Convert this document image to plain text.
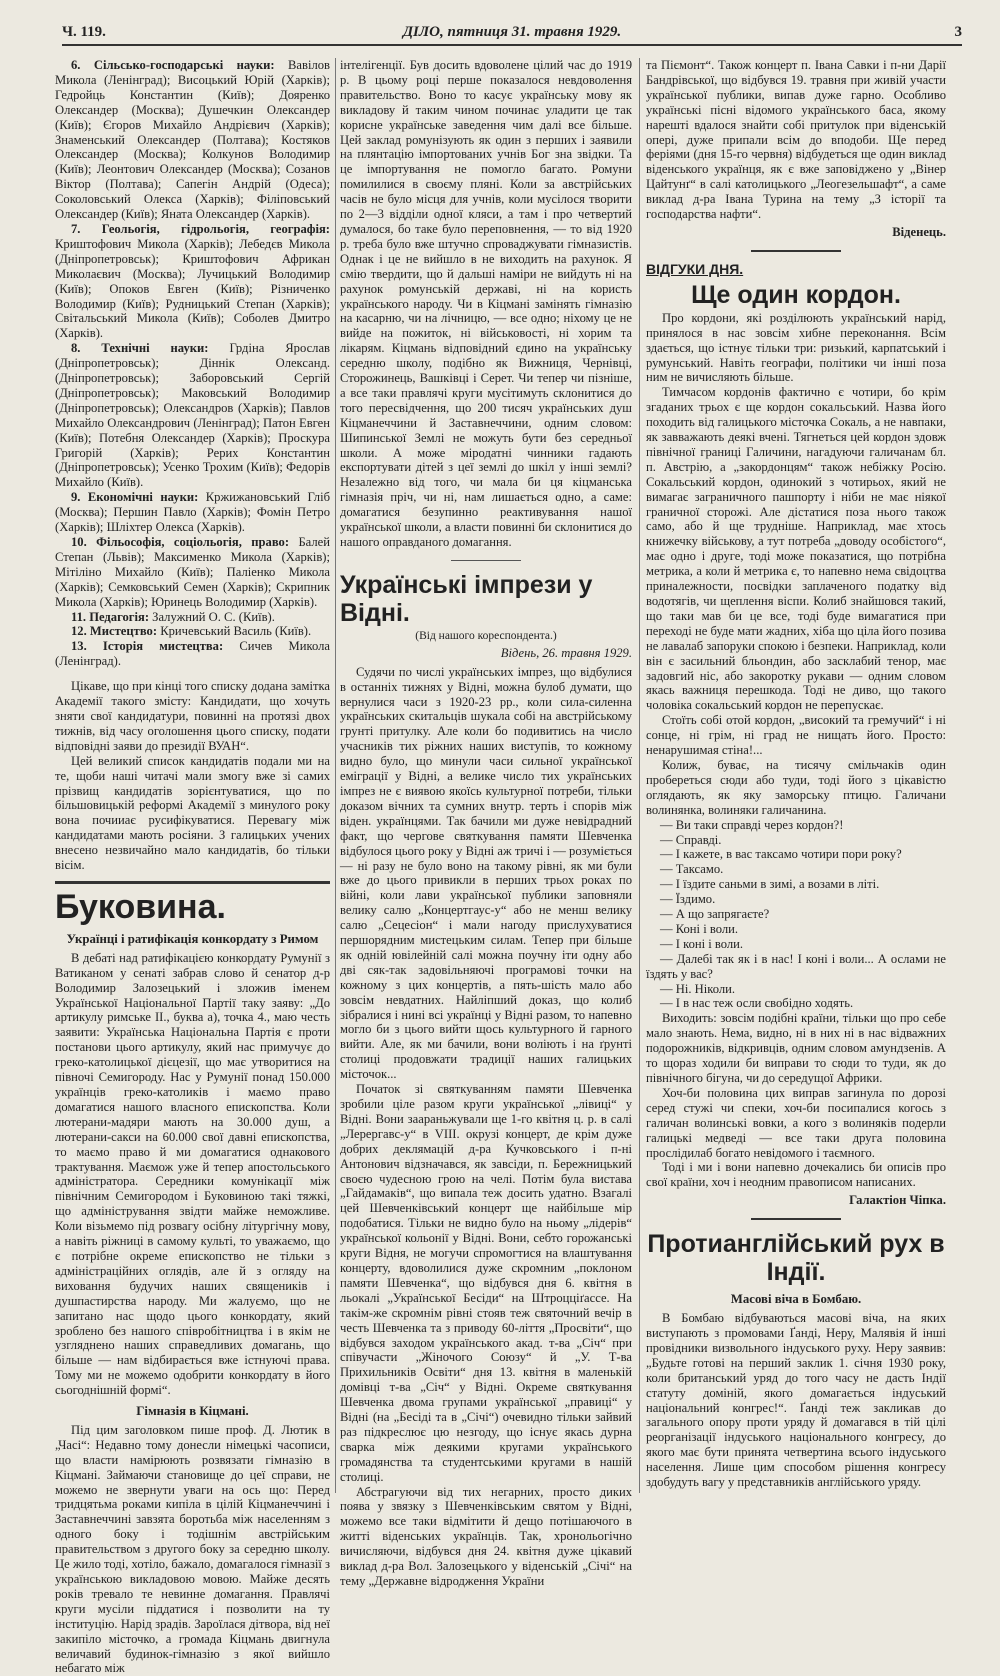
Ч. 119.	ДІЛО, пятниця 31. травня 1929.	3

6. Сільсько-господарські науки: Вавілов Микола (Ленінград); Висоцький Юрій (Харків); Гедройць Константин (Київ); Дояренко Олександер (Москва); Душечкин Олександер (Київ); Єгоров Михайло Андрієвич (Харків); Знаменський Олександер (Полтава); Костяков Олександер (Москва); Колкунов Володимир (Київ); Леонтович Олександер (Москва); Созанов Віктор (Полтава); Сапегін Андрій (Одеса); Соколовський Олекса (Харків); Філіповський Олександер (Київ); Яната Олександер (Харків).

7. Геольогія, гідрольогія, географія: Криштофович Микола (Харків); Лебедєв Микола (Дніпропетровськ); Криштофович Африкан Миколаєвич (Москва); Лучицький Володимир (Київ); Опоков Евген (Київ); Різниченко Володимир (Київ); Рудницький Степан (Харків); Світальський Микола (Київ); Соболев Дмитро (Харків).

8. Технічні науки: Грдіна Ярослав (Дніпропетровськ); Діннік Олександ. (Дніпропетровськ); Заборовський Сергій (Дніпропетровськ); Маковський Володимир (Дніпропетровськ); Олександров (Харків); Павлов Михайло Олександрович (Ленінград); Патон Евген (Київ); Потебня Олександер (Харків); Проскура Григорій (Харків); Рерих Константин (Дніпропетровськ); Усенко Трохим (Київ); Федорів Михайло (Київ).

9. Економічні науки: Кржижановський Гліб (Москва); Першин Павло (Харків); Фомін Петро (Харків); Шліхтер Олекса (Харків).

10. Фільософія, соціольогія, право: Балей Степан (Львів); Максименко Микола (Харків); Мітіліно Михайло (Київ); Паліенко Микола (Харків); Семковський Семен (Харків); Скрипник Микола (Харків); Юринець Володимир (Харків).

11. Педагогія: Залужний О. С. (Київ).

12. Мистецтво: Кричевський Василь (Київ).

13. Історія мистецтва: Сичев Микола (Ленінград).

Цікаве, що при кінці того списку додана замітка Академії такого змісту: Кандидати, що хочуть зняти свої кандидатури, повинні на протязі двох тижнів, від часу оголошення цього списку, подати відповідні заяви до президії ВУАН“.

Цей великий список кандидатів подали ми на те, щоби наші читачі мали змогу вже зі самих прізвищ кандидатів зорієнтуватися, що по більшовицькій реформі Академії з минулого року вона почииає русифікуватися. Перевагу між кандидатами мають росіяни. З галицьких учених внесено незвичайно мало кандидатів, бо тільки вісім.

Буковина.
Українці і ратифікація конкордату з Римом

В дебаті над ратифікацією конкордату Румунії з Ватиканом у сенаті забрав слово й сенатор д-р Володимир Залозецький і зложив іменем Української Національної Партії таку заяву: „До артикулу римське II., буква а), точка 4., маю честь заявити: Українська Національна Партія є проти постанови цього артикулу, який нас примучує до греко-католицької дієцезії, що має утворитися на півночі Семигороду. Нас у Румунії понад 150.000 українців греко-католиків і маємо право домагатися нашого власного епископства. Коли лютерани-мадяри мають на 30.000 душ, а лютерани-сакси на 60.000 свої давні епископства, то маємо право й ми домагатися однакового трактування. Маємож уже й тепер апостольського адміністратора. Середники комунікації між північним Семигородом і Буковиною такі тяжкі, що адміністрування звідти майже неможливе. Коли візьмемо під розвагу осібну літургічну мову, а навіть ріжниці в самому культі, то уважаємо, що є потрібне окреме епископство не тільки з адміністраційних оглядів, але й з огляду на виховання будучих наших священиків і душпастирства народу. Ми жалуємо, що не запитано нас щодо цього конкордату, який зроблено без нашого співробітництва і в якім не узглядненo наших справедливих домагань, що більше — нам відбирається вже істнуючі права. Тому ми не можемо одобрити конкордату в його сьогоднішній формі“.

Гімназія в Кіцмані.

Під цим заголовком пише проф. Д. Лютик в „Часі“: Недавно тому донесли німецькі часописи, що власти намірюють розвязати гімназію в Кіцмані. Займаючи становище до цеї справи, не можемо не звернути уваги на ось що: Перед тридцятьма роками кипіла в цілій Кіцманеччині і Заставнеччині завзята боротьба між населенням з одного боку і тодішнім австрійським правительством з другого боку за середню школу. Це жило тоді, хотіло, бажало, домагалося гімназії з українською викладовою мовою. Майже десять років тревало те невинне домагання. Правлячі круги мусіли піддатися і позволити на ту інституцію. Нарід зрадів. Зароїлася дітвора, від неї закипіло місточко, а громада Кіцмань двигнула величавий будинок-гімназію з якої вийшло небагато між

інтелігенції. Був досить вдоволене цілий час до 1919 р. В цьому році перше показалося невдоволення правительство. Воно то касує українську мову як викладову й таким чином починає уладити це так корисне українське заведення чим далі все більше. Цей заклад ромунізують як один з перших і заявили на плянтацію імпортованих учнів Бог зна звідки. Та це імпортування не помогло багато. Ромуни помилилися в своєму пляні. Коли за австрійських часів не було місця для учнів, коли мусілося творити по 2—3 відділи одної кляси, а там і про четвертий думалося, бо таке було переповнення, — то від 1920 р. треба було вже штучно спроваджувати гімназистів. Однак і це не вийшло в не виходить на рахунок. Я смію твердити, що й дальші наміри не вийдуть ні на рахунок ромунській державі, ні на користь українського народу. Чи в Кіцмані замінять гімназію на касарню, чи на лічницю, — все одно; ніхому це не вийде на пожиток, ні військовості, ні хорим та лікарям. Кіцмань відповідний єдино на українську середню школу, подібно як Вижниця, Чернівці, Сторожинець, Вашківці і Серет. Чи тепер чи пізніше, а все таки правлячі круги мусітимуть склонитися до того пересвідчення, що 200 тисяч українських душ Кіцманеччини й Заставнеччини, одним словом: Шипинської Землі не можуть бути без середньої школи. А може міродатні чинники гадають експортувати дітей з цеї землі до шкіл у інші землі? Незалежно від того, чи мала би ця кіцманська гімназія пріч, чи ні, нам лишається одно, а саме: домагатися безупинно реактивування нашої української школи, а власти повинні би склонитися до нашого оправданого домагання.

Українські імпрези у Відні.
(Від нашого кореспондента.)
Відень, 26. травня 1929.

Судячи по числі українських імпрез, що відбулися в останніх тижнях у Відні, можна булоб думати, що вернулися часи з 1920-23 рр., коли сила-силенна українських скитальців шукала собі на австрійському грунті притулку. Але коли бо подивитись на число учасників тих ріжних наших виступів, то кожному видно було, що минули часи сильної української еміграції у Відні, а велике число тих українських імпрез не є виявою якоїсь культурної потреби, тільки доказом вічних та сумних внутр. терть і спорів між віден. українцями. Так бачили ми дуже невідрадний факт, що чергове святкування памяти Шевченка відбулося цього року у Відні аж тричі і — розуміється — ні разу не було воно на такому рівні, як ми були вже до цього привикли в перших трьох роках по війні, коли лави української публики заповняли велику салю „Концертгаус-у“ або не менш велику салю „Сецесіон“ і мали нагоду прислухуватися першорядним мистецьким силам. Тепер при більше як одній ювілейній салі можна поучну іти одну або дві сяк-так задовільняючі програмові точки на кожному з цих концертів, а пять-шість мало або зовсім невдатних. Найліпший доказ, що колиб зібралися і нині всі українці у Відні разом, то напевно могло би з цього вийти щось культурного й гарного вийти. Але, як ми бачили, вони воліють і на ґрунті столиці продовжати традиції наших галицьких місточок...

Початок зі святкуванням памяти Шевченка зробили ціле разом круги української „лівиці“ у Відні. Вони заараньжували ще 1-го квітня ц. р. в салі „Лерергавс-у“ в VIII. окрузі концерт, де крім дуже добрих деклямацій д-ра Кучковського і п-ні Антонович відзначався, як завсіди, п. Бережницький своєю чудесною грою на челі. Потім була вистава „Гайдамаків“, що випала теж досить удатно. Взагалі цей Шевченківський концерт ще найбільше мір подобатися. Тільки не видно було на ньому „лідерів“ української кольонії у Відні. Вони, себто горожанські круги Відня, не могучи спромогтися на влаштування концерту, вдоволилися дуже скромним „поклоном памяти Шевченка“, що відбувся дня 6. квітня в льокалі „Української Бесіди“ на Штроцціґассе. На такім-же скромнім рівні стояв теж святочний вечір в честь Шевченка та з приводу 60-ліття „Просвіти“, що відбувся заходом українського акад. т-ва „Січ“ при співучасти „Жіночого Союзу“ й „У. Т-ва Прихильників Освіти“ дня 13. квітня в маленькій домівці т-ва „Січ“ у Відні. Окреме святкування Шевченка двома групами української „правиці“ у Відні (на „Бесіді та в „Січі“) очевидно тільки зайвий раз підкреслює цю незгоду, що існує якась дурна сварка між деякими кругами українського громадянства та студентськими кругами в нашій столиці.

Абстрагуючи від тих негарних, просто диких поява у звязку з Шевченківським святом у Відні, можемо все таки відмітити й дещо потішаючого в житті віденських українців. Так, хронольогічно вичисляючи, відбувся дня 24. квітня дуже цікавий виклад д-ра Вол. Залозецького у віденській „Січі“ на тему „Державне відродження України

та Піємонт“. Також концерт п. Івана Савки і п-ни Дарії Бандрівської, що відбувся 19. травня при живій участи української публики, випав дуже гарно. Особливо українські пісні відомого українського баса, якому нарешті вдалося знайти собі притулок при віденській опері, дуже припали всім до вподоби. Ще перед феріями (дня 15-го червня) відбудеться ще один виклад віденського українця, як є вже заповіджено у „Вінер Цайтунґ“ в салі католицького „Леогезельшафт“, а саме виклад д-ра Івана Турина на тему „З історії та господарства нафти“.

Віденець.
ВІДГУКИ ДНЯ.
Ще один кордон.

Про кордони, які розділюють український нарід, принялося в нас зовсім хибне переконання. Всім здається, що істнує тільки три: ризький, карпатський і румунський. Навіть географи, політики чи інші поза ним не вичисляють більше.

Тимчасом кордонів фактично є чотири, бо крім згаданих трьох є ще кордон сокальський. Назва його походить від галицького місточка Сокаль, а не навпаки, як завважають деякі вчені. Тягнеться цей кордон здовж північної границі Галичини, нагадуючи галичанам бл. п. Австрію, а „закордонцям“ також небіжку Росію. Сокальський кордон, одинокий з чотирьох, який не вимагає заграничного пашпорту і ніби не має ніякої граничної сторожі. Але дістатися поза нього також само, або й ще трудніше. Наприклад, має хтось книжечку військову, а тут потреба „доводу особістого“, має одно і друге, тоді може показатися, що потрібна метрика, а коли й метрика є, то напевно нема свідоцтва приналежности, посвідки заплаченого податку від водотягів, чи щеплення віспи. Колиб знайшовся такий, що таки мав би це все, тоді буде вимагатися при переході не буде мати жадних, хіба що ціла його позива не лавалаб запоруки спокою і безпеки. Наприклад, коли він є засильний бльондин, або засклабий тенор, має задовгий ніс, або закоротку рукави — одним словом якась важниця перешкода. Тоді не диво, що такого чоловіка сокальський кордон не перепускає.

Стоїть собі отой кордон, „високий та гремучий“ і ні сонце, ні грім, ні град не нищать його. Просто: ненарушимая стіна!...

Колиж, буває, на тисячу смільчаків один пробереться сюди або туди, тоді його з цікавістю оглядають, як яку заморську птицю. Галичани волинянка, волиняки галичанина.

— Ви таки справді через кордон?!

— Справді.

— І кажете, в вас таксамо чотири пори року?

— Таксамо.

— І їздите саньми в зимі, а возами в літі.

— Їздимо.

— А що запрягаєте?

— Коні і воли.

— І коні і воли.

— Далебі так як і в нас! І коні і воли... А ослами не їздять у вас?

— Ні. Ніколи.

— І в нас теж осли свобідно ходять.

Виходить: зовсім подібні країни, тільки що про себе мало знають. Нема, видно, ні в них ні в нас відважних подорожників, відкривців, одним словом амундзенів. А то щораз ходили би виправи то сюди то туди, як до північного бігуна, чи до середущої Африки.

Хоч-би половина цих виправ загинула по дорозі серед стужі чи спеки, хоч-би посипалися когось з галичан волинські вовки, а кого з волиняків подерли галицькі медведі — все таки друга половина прослідилаб богато невідомого і таємного.

Тоді і ми і вони напевно дочекались би описів про свої країни, хоч і неодним правописом написаних.

Галактіон Чіпка.
Протианглійський рух в Індії.
Масові віча в Бомбаю.

В Бомбаю відбуваються масові віча, на яких виступають з промовами Ґанді, Неру, Малявія й інші провідники визвольного індуського руху. Неру заявив: „Будьте готові на перший заклик 1. січня 1930 року, коли британський уряд до того часу не дасть Індії статуту доміній, якого домагається індуський національний конгрес!“. Ґанді теж закликав до загального опору проти уряду й домагався в тій цілі реорганізації індуського національного конгресу, до якого має бути принята четвертина всього індуського населення. Лише цим способом рішення конгресу здобудуть вагу у представників англійського уряду.
